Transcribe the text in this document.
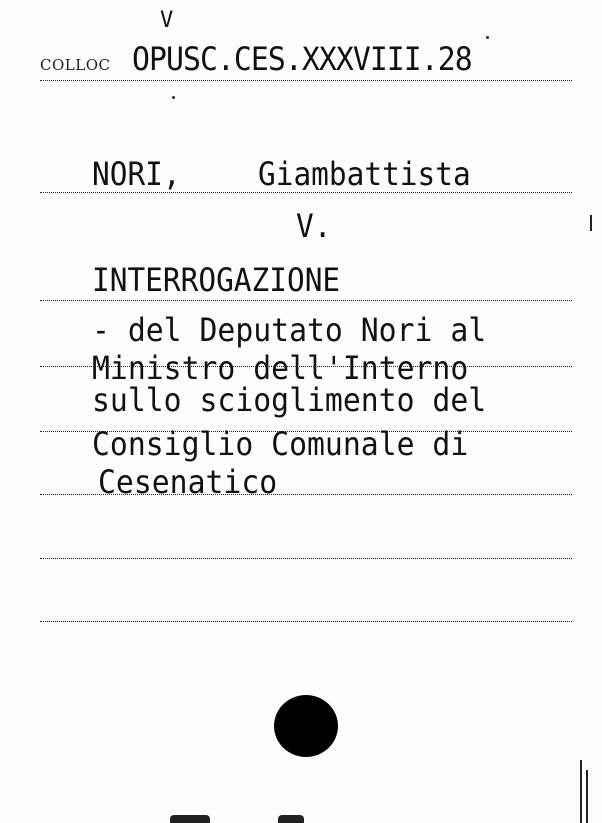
V
COLLOC OPUSC.CES.XXXVIII.28
NORI, Giambattista
V.
INTERROGAZIONE
- del Deputato Nori al
Ministro dell'Interno
sullo scioglimento del
Consiglio Comunale di
Cesenatico
